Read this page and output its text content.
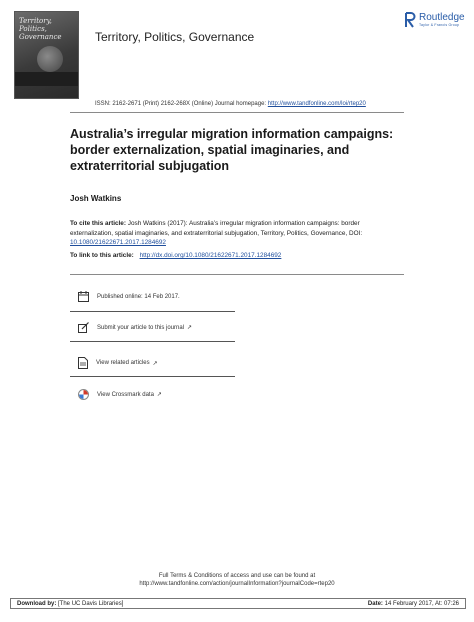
Territory,
Politics,
Governance	Territory, Politics, Governance
Routledge
Taylor & Francis Group
ISSN: 2162-2671 (Print) 2162-268X (Online) Journal homepage: http://www.tandfonline.com/loi/rtep20
Australia’s irregular migration information campaigns: border externalization, spatial imaginaries, and extraterritorial subjugation
Josh Watkins
To cite this article: Josh Watkins (2017): Australia’s irregular migration information campaigns: border externalization, spatial imaginaries, and extraterritorial subjugation, Territory, Politics, Governance, DOI: 10.1080/21622671.2017.1284692
To link to this article: http://dx.doi.org/10.1080/21622671.2017.1284692
Published online: 14 Feb 2017.
Submit your article to this journal ↗
View related articles ↗
View Crossmark data ↗
Full Terms & Conditions of access and use can be found at
http://www.tandfonline.com/action/journalInformation?journalCode=rtep20
Download by: [The UC Davis Libraries]	Date: 14 February 2017, At: 07:26
